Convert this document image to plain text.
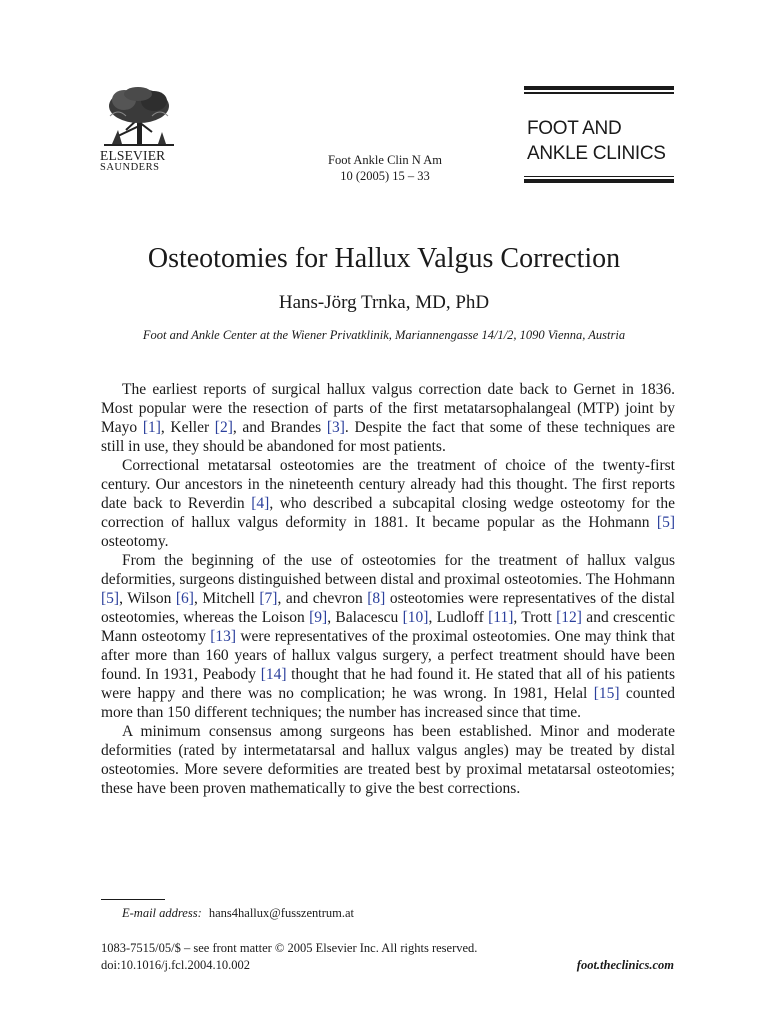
ELSEVIER
SAUNDERS
Foot Ankle Clin N Am
10 (2005) 15 – 33
FOOT AND
ANKLE CLINICS
Osteotomies for Hallux Valgus Correction
Hans-Jörg Trnka, MD, PhD
Foot and Ankle Center at the Wiener Privatklinik, Mariannengasse 14/1/2, 1090 Vienna, Austria

The earliest reports of surgical hallux valgus correction date back to Gernet in 1836. Most popular were the resection of parts of the first metatarsophalangeal (MTP) joint by Mayo [1], Keller [2], and Brandes [3]. Despite the fact that some of these techniques are still in use, they should be abandoned for most patients.

Correctional metatarsal osteotomies are the treatment of choice of the twenty-first century. Our ancestors in the nineteenth century already had this thought. The first reports date back to Reverdin [4], who described a subcapital closing wedge osteotomy for the correction of hallux valgus deformity in 1881. It became popular as the Hohmann [5] osteotomy.

From the beginning of the use of osteotomies for the treatment of hallux valgus deformities, surgeons distinguished between distal and proximal osteotomies. The Hohmann [5], Wilson [6], Mitchell [7], and chevron [8] osteotomies were representatives of the distal osteotomies, whereas the Loison [9], Balacescu [10], Ludloff [11], Trott [12] and crescentic Mann osteotomy [13] were representatives of the proximal osteotomies. One may think that after more than 160 years of hallux valgus surgery, a perfect treatment should have been found. In 1931, Peabody [14] thought that he had found it. He stated that all of his patients were happy and there was no complication; he was wrong. In 1981, Helal [15] counted more than 150 different techniques; the number has increased since that time.

A minimum consensus among surgeons has been established. Minor and moderate deformities (rated by intermetatarsal and hallux valgus angles) may be treated by distal osteotomies. More severe deformities are treated best by proximal metatarsal osteotomies; these have been proven mathematically to give the best corrections.

E-mail address: hans4hallux@fusszentrum.at
1083-7515/05/$ – see front matter © 2005 Elsevier Inc. All rights reserved.
doi:10.1016/j.fcl.2004.10.002	foot.theclinics.com
